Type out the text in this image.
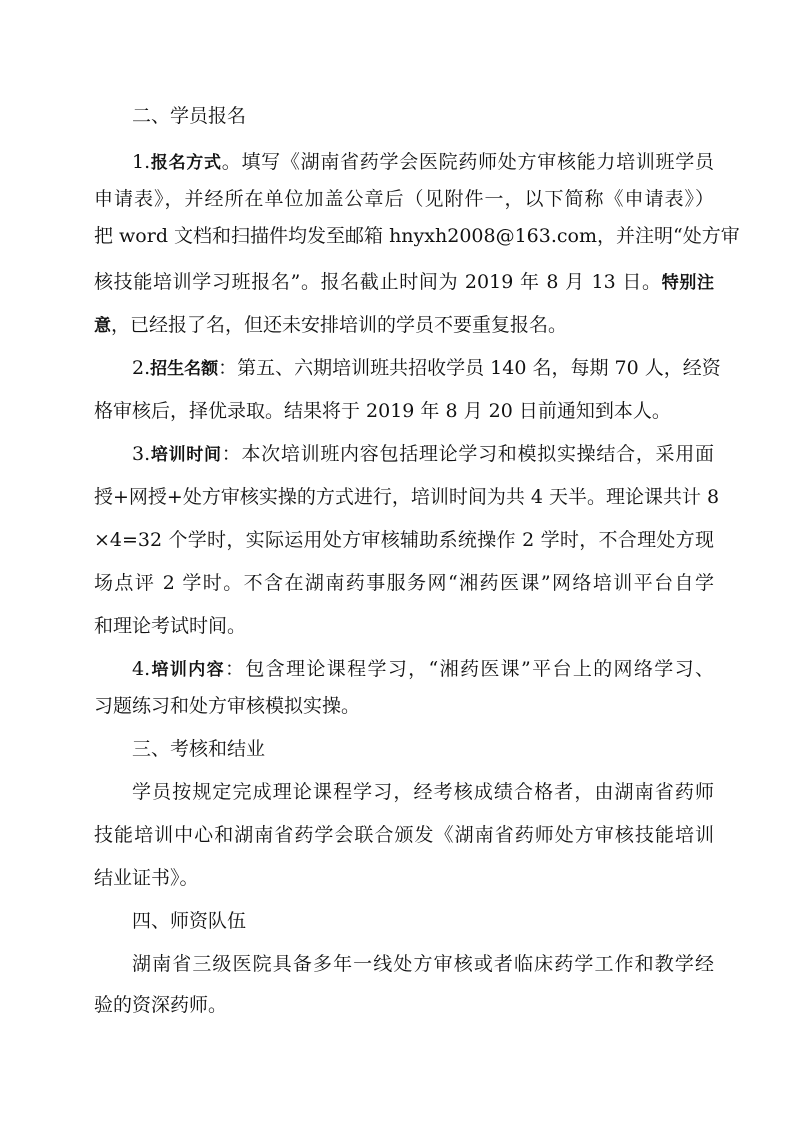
二、学员报名
1.报名方式。填写《湖南省药学会医院药师处方审核能力培训班学员
申请表》，并经所在单位加盖公章后（见附件一，以下简称《申请表》）
把 word 文档和扫描件均发至邮箱 hnyxh2008@163.com，并注明“处方审
核技能培训学习班报名”。报名截止时间为 2019 年 8 月 13 日。特别注
意，已经报了名，但还未安排培训的学员不要重复报名。
2.招生名额：第五、六期培训班共招收学员 140 名，每期 70 人，经资
格审核后，择优录取。结果将于 2019 年 8 月 20 日前通知到本人。
3.培训时间：本次培训班内容包括理论学习和模拟实操结合，采用面
授+网授+处方审核实操的方式进行，培训时间为共 4 天半。理论课共计 8
×4=32 个学时，实际运用处方审核辅助系统操作 2 学时，不合理处方现
场点评 2 学时。不含在湖南药事服务网“湘药医课”网络培训平台自学
和理论考试时间。
4.培训内容：包含理论课程学习，“湘药医课”平台上的网络学习、
习题练习和处方审核模拟实操。
三、考核和结业
学员按规定完成理论课程学习，经考核成绩合格者，由湖南省药师
技能培训中心和湖南省药学会联合颁发《湖南省药师处方审核技能培训
结业证书》。
四、师资队伍
湖南省三级医院具备多年一线处方审核或者临床药学工作和教学经
验的资深药师。
